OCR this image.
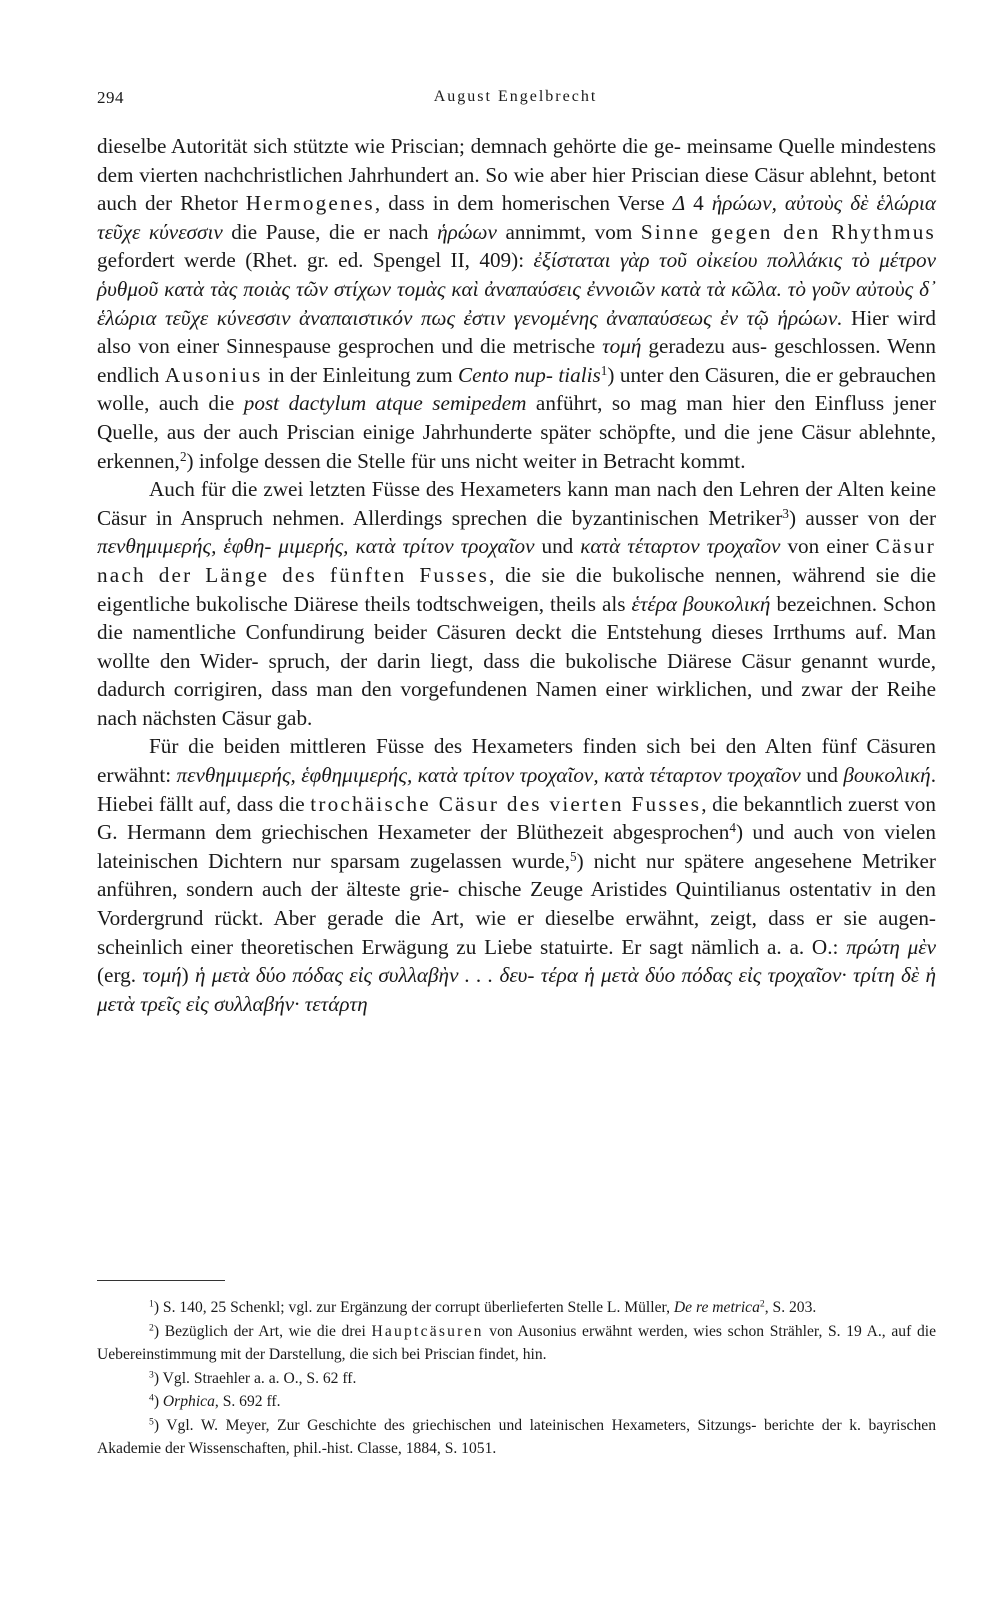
294	August Engelbrecht

dieselbe Autorität sich stützte wie Priscian; demnach gehörte die ge- meinsame Quelle mindestens dem vierten nachchristlichen Jahrhundert an. So wie aber hier Priscian diese Cäsur ablehnt, betont auch der Rhetor Hermogenes, dass in dem homerischen Verse Δ 4 ἡρώων, αὐτοὺς δὲ ἑλώρια τεῦχε κύνεσσιν die Pause, die er nach ἡρώων annimmt, vom Sinne gegen den Rhythmus gefordert werde (Rhet. gr. ed. Spengel II, 409): ἐξίσταται γὰρ τοῦ οἰκείου πολλάκις τὸ μέτρον ῥυθμοῦ κατὰ τὰς ποιὰς τῶν στίχων τομὰς καὶ ἀναπαύσεις ἐννοιῶν κατὰ τὰ κῶλα. τὸ γοῦν αὐτοὺς δ᾽ ἑλώρια τεῦχε κύνεσσιν ἀναπαιστικόν πως ἐστιν γενομένης ἀναπαύσεως ἐν τῷ ἡρώων. Hier wird also von einer Sinnespause gesprochen und die metrische τομή geradezu aus- geschlossen. Wenn endlich Ausonius in der Einleitung zum Cento nup- tialis$^1$) unter den Cäsuren, die er gebrauchen wolle, auch die post dactylum atque semipedem anführt, so mag man hier den Einfluss jener Quelle, aus der auch Priscian einige Jahrhunderte später schöpfte, und die jene Cäsur ablehnte, erkennen,$^2$) infolge dessen die Stelle für uns nicht weiter in Betracht kommt.

Auch für die zwei letzten Füsse des Hexameters kann man nach den Lehren der Alten keine Cäsur in Anspruch nehmen. Allerdings sprechen die byzantinischen Metriker$^3$) ausser von der πενθημιμερής, ἑφθη- μιμερής, κατὰ τρίτον τροχαῖον und κατὰ τέταρτον τροχαῖον von einer Cäsur nach der Länge des fünften Fusses, die sie die bukolische nennen, während sie die eigentliche bukolische Diärese theils todtschweigen, theils als ἑτέρα βουκολική bezeichnen. Schon die namentliche Confundirung beider Cäsuren deckt die Entstehung dieses Irrthums auf. Man wollte den Wider- spruch, der darin liegt, dass die bukolische Diärese Cäsur genannt wurde, dadurch corrigiren, dass man den vorgefundenen Namen einer wirklichen, und zwar der Reihe nach nächsten Cäsur gab.

Für die beiden mittleren Füsse des Hexameters finden sich bei den Alten fünf Cäsuren erwähnt: πενθημιμερής, ἑφθημιμερής, κατὰ τρίτον τροχαῖον, κατὰ τέταρτον τροχαῖον und βουκολική. Hiebei fällt auf, dass die trochäische Cäsur des vierten Fusses, die bekanntlich zuerst von G. Hermann dem griechischen Hexameter der Blüthezeit abgesprochen$^4$) und auch von vielen lateinischen Dichtern nur sparsam zugelassen wurde,$^5$) nicht nur spätere angesehene Metriker anführen, sondern auch der älteste grie- chische Zeuge Aristides Quintilianus ostentativ in den Vordergrund rückt. Aber gerade die Art, wie er dieselbe erwähnt, zeigt, dass er sie augen- scheinlich einer theoretischen Erwägung zu Liebe statuirte. Er sagt nämlich a. a. O.: πρώτη μὲν (erg. τομή) ἡ μετὰ δύο πόδας εἰς συλλαβὴν . . . δευ- τέρα ἡ μετὰ δύο πόδας εἰς τροχαῖον· τρίτη δὲ ἡ μετὰ τρεῖς εἰς συλλαβήν· τετάρτη

$^1$) S. 140, 25 Schenkl; vgl. zur Ergänzung der corrupt überlieferten Stelle L. Müller, De re metrica$^2$, S. 203.

$^2$) Bezüglich der Art, wie die drei Hauptcäsuren von Ausonius erwähnt werden, wies schon Strähler, S. 19 A., auf die Uebereinstimmung mit der Darstellung, die sich bei Priscian findet, hin.

$^3$) Vgl. Straehler a. a. O., S. 62 ff.

$^4$) Orphica, S. 692 ff.

$^5$) Vgl. W. Meyer, Zur Geschichte des griechischen und lateinischen Hexameters, Sitzungs- berichte der k. bayrischen Akademie der Wissenschaften, phil.-hist. Classe, 1884, S. 1051.
